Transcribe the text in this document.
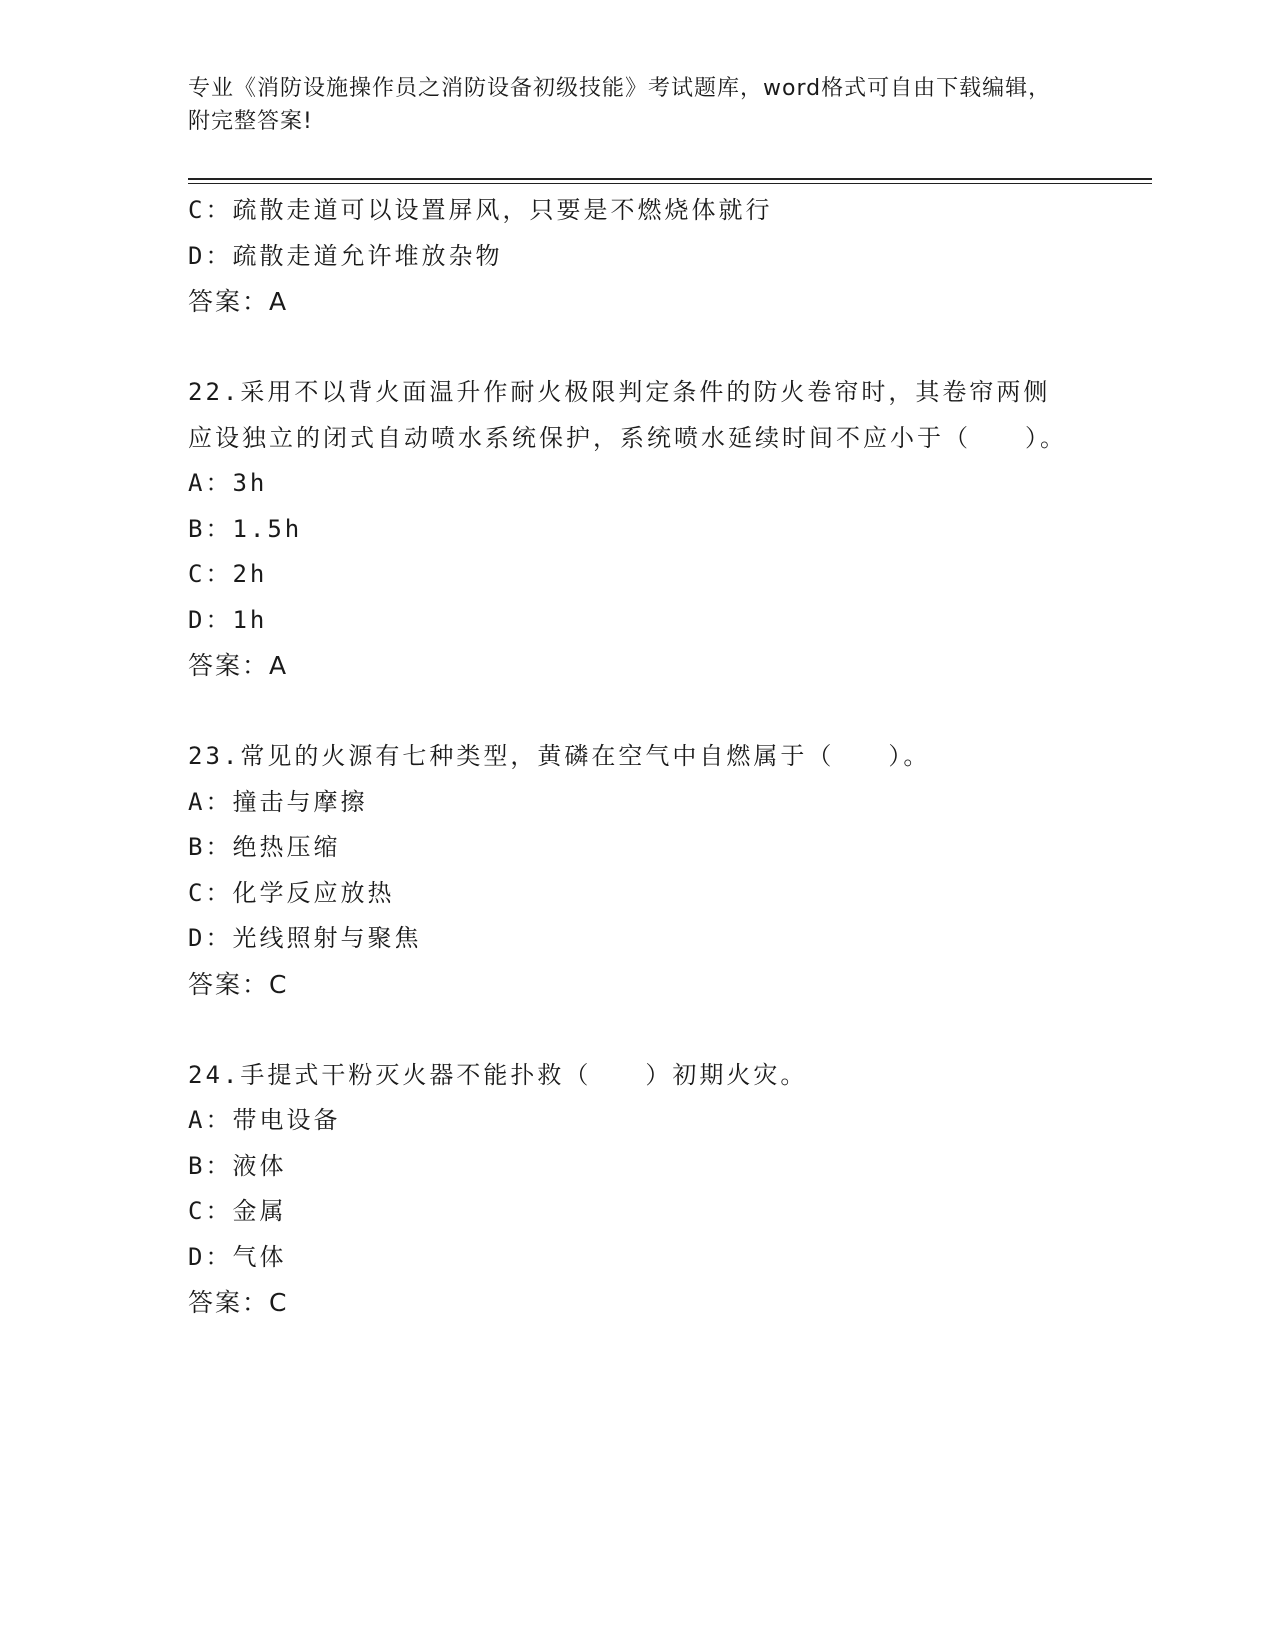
专业《消防设施操作员之消防设备初级技能》考试题库，word格式可自由下载编辑，附完整答案!
C：疏散走道可以设置屏风，只要是不燃烧体就行
D：疏散走道允许堆放杂物
答案：A
22.采用不以背火面温升作耐火极限判定条件的防火卷帘时，其卷帘两侧应设独立的闭式自动喷水系统保护，系统喷水延续时间不应小于（　　）。
A：3h
B：1.5h
C：2h
D：1h
答案：A
23.常见的火源有七种类型，黄磷在空气中自燃属于（　　）。
A：撞击与摩擦
B：绝热压缩
C：化学反应放热
D：光线照射与聚焦
答案：C
24.手提式干粉灭火器不能扑救（　　）初期火灾。
A：带电设备
B：液体
C：金属
D：气体
答案：C
